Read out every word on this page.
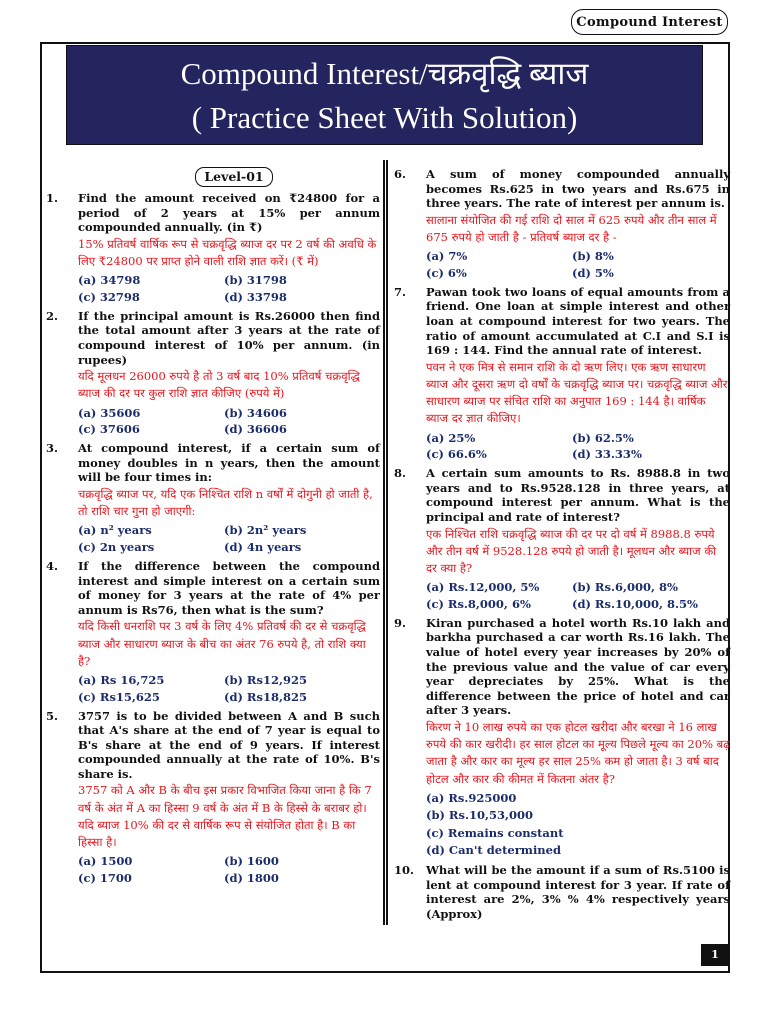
Compound Interest
Compound Interest/चक्रवृद्धि ब्याज
( Practice Sheet With Solution)
Level-01
1.	Find the amount received on ₹24800 for a period of 2 years at 15% per annum compounded annually. (in ₹)
15% प्रतिवर्ष वार्षिक रूप से चक्रवृद्धि ब्याज दर पर 2 वर्ष की अवधि के लिए ₹24800 पर प्राप्त होने वाली राशि ज्ञात करें। (₹ में)
(a) 34798	(b) 31798
(c) 32798	(d) 33798
2.	If the principal amount is Rs.26000 then find the total amount after 3 years at the rate of compound interest of 10% per annum. (in rupees)
यदि मूलधन 26000 रुपये है तो 3 वर्ष बाद 10% प्रतिवर्ष चक्रवृद्धि ब्याज की दर पर कुल राशि ज्ञात कीजिए (रुपये में)
(a) 35606	(b) 34606
(c) 37606	(d) 36606
3.	At compound interest, if a certain sum of money doubles in n years, then the amount will be four times in:
चक्रवृद्धि ब्याज पर, यदि एक निश्चित राशि n वर्षों में दोगुनी हो जाती है, तो राशि चार गुना हो जाएगी:
(a) n² years	(b) 2n² years
(c) 2n years	(d) 4n years
4.	If the difference between the compound interest and simple interest on a certain sum of money for 3 years at the rate of 4% per annum is Rs76, then what is the sum?
यदि किसी धनराशि पर 3 वर्ष के लिए 4% प्रतिवर्ष की दर से चक्रवृद्धि ब्याज और साधारण ब्याज के बीच का अंतर 76 रुपये है, तो राशि क्या है?
(a) Rs 16,725	(b) Rs12,925
(c) Rs15,625	(d) Rs18,825
5.	3757 is to be divided between A and B such that A's share at the end of 7 year is equal to B's share at the end of 9 years. If interest compounded annually at the rate of 10%. B's share is.
3757 को A और B के बीच इस प्रकार विभाजित किया जाना है कि 7 वर्ष के अंत में A का हिस्सा 9 वर्ष के अंत में B के हिस्से के बराबर हो। यदि ब्याज 10% की दर से वार्षिक रूप से संयोजित होता है। B का हिस्सा है।
(a) 1500	(b) 1600
(c) 1700	(d) 1800
6.	A sum of money compounded annually becomes Rs.625 in two years and Rs.675 in three years. The rate of interest per annum is.
सालाना संयोजित की गई राशि दो साल में 625 रुपये और तीन साल में 675 रुपये हो जाती है - प्रतिवर्ष ब्याज दर है -
(a) 7%	(b) 8%
(c) 6%	(d) 5%
7.	Pawan took two loans of equal amounts from a friend. One loan at simple interest and other loan at compound interest for two years. The ratio of amount accumulated at C.I and S.I is 169 : 144. Find the annual rate of interest.
पवन ने एक मित्र से समान राशि के दो ऋण लिए। एक ऋण साधारण ब्याज और दूसरा ऋण दो वर्षों के चक्रवृद्धि ब्याज पर। चक्रवृद्धि ब्याज और साधारण ब्याज पर संचित राशि का अनुपात 169 : 144 है। वार्षिक ब्याज दर ज्ञात कीजिए।
(a) 25%	(b) 62.5%
(c) 66.6%	(d) 33.33%
8.	A certain sum amounts to Rs. 8988.8 in two years and to Rs.9528.128 in three years, at compound interest per annum. What is the principal and rate of interest?
एक निश्चित राशि चक्रवृद्धि ब्याज की दर पर दो वर्ष में 8988.8 रुपये और तीन वर्ष में 9528.128 रुपये हो जाती है। मूलधन और ब्याज की दर क्या है?
(a) Rs.12,000, 5%	(b) Rs.6,000, 8%
(c) Rs.8,000, 6%	(d) Rs.10,000, 8.5%
9.	Kiran purchased a hotel worth Rs.10 lakh and barkha purchased a car worth Rs.16 lakh. The value of hotel every year increases by 20% of the previous value and the value of car every year depreciates by 25%. What is the difference between the price of hotel and car after 3 years.
किरण ने 10 लाख रुपये का एक होटल खरीदा और बरखा ने 16 लाख रुपये की कार खरीदी। हर साल होटल का मूल्य पिछले मूल्य का 20% बढ़ जाता है और कार का मूल्य हर साल 25% कम हो जाता है। 3 वर्ष बाद होटल और कार की कीमत में कितना अंतर है?
(a) Rs.925000
(b) Rs.10,53,000
(c) Remains constant
(d) Can't determined
10.	What will be the amount if a sum of Rs.5100 is lent at compound interest for 3 year. If rate of interest are 2%, 3% % 4% respectively years (Approx)
1
